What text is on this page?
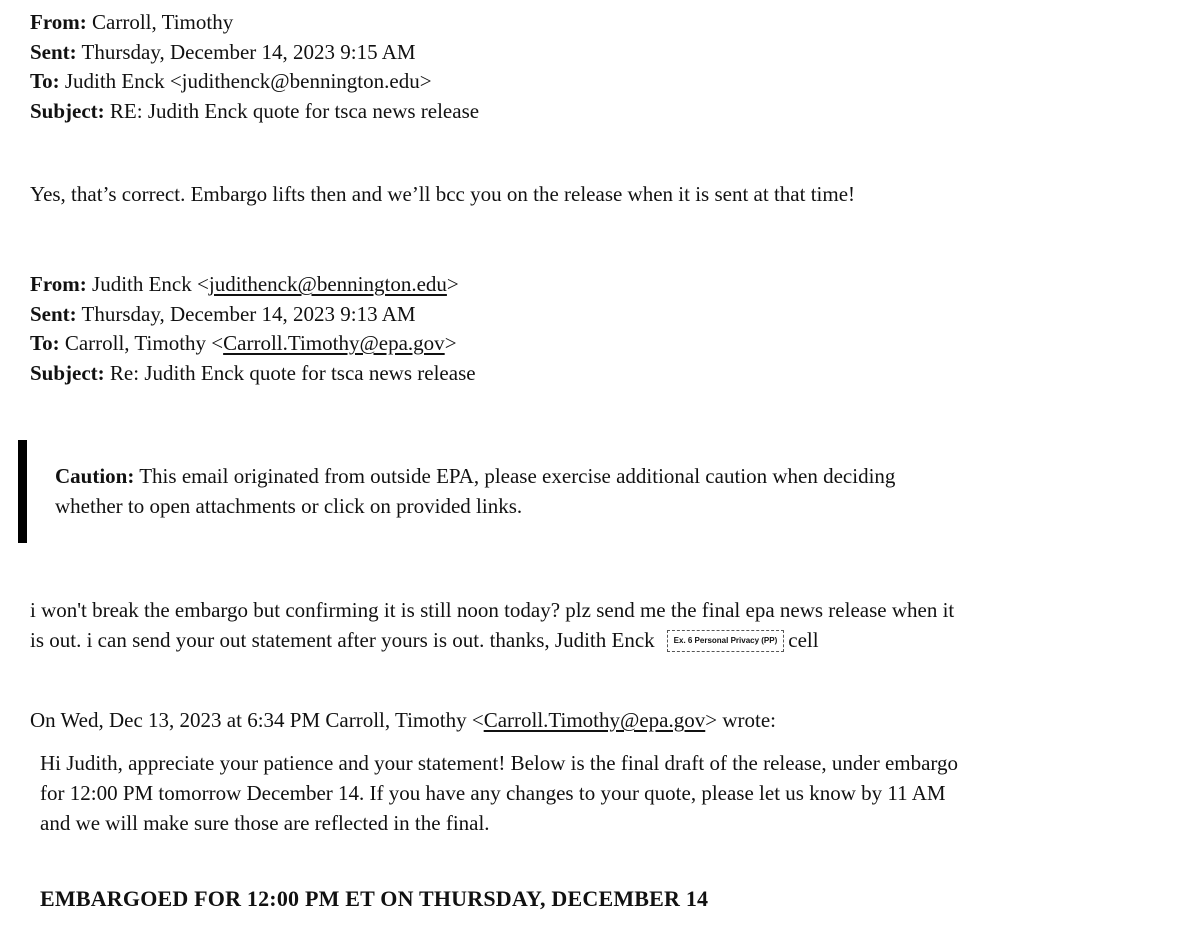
From: Carroll, Timothy
Sent: Thursday, December 14, 2023 9:15 AM
To: Judith Enck <judithenck@bennington.edu>
Subject: RE: Judith Enck quote for tsca news release
Yes, that’s correct. Embargo lifts then and we’ll bcc you on the release when it is sent at that time!
From: Judith Enck <judithenck@bennington.edu>
Sent: Thursday, December 14, 2023 9:13 AM
To: Carroll, Timothy <Carroll.Timothy@epa.gov>
Subject: Re: Judith Enck quote for tsca news release
Caution: This email originated from outside EPA, please exercise additional caution when deciding
whether to open attachments or click on provided links.
i won't break the embargo but confirming it is still noon today? plz send me the final epa news release when it
is out. i can send your out statement after yours is out. thanks, Judith Enck Ex. 6 Personal Privacy (PP) cell
On Wed, Dec 13, 2023 at 6:34 PM Carroll, Timothy <Carroll.Timothy@epa.gov> wrote:
Hi Judith, appreciate your patience and your statement! Below is the final draft of the release, under embargo
for 12:00 PM tomorrow December 14. If you have any changes to your quote, please let us know by 11 AM
and we will make sure those are reflected in the final.
EMBARGOED FOR 12:00 PM ET ON THURSDAY, DECEMBER 14
